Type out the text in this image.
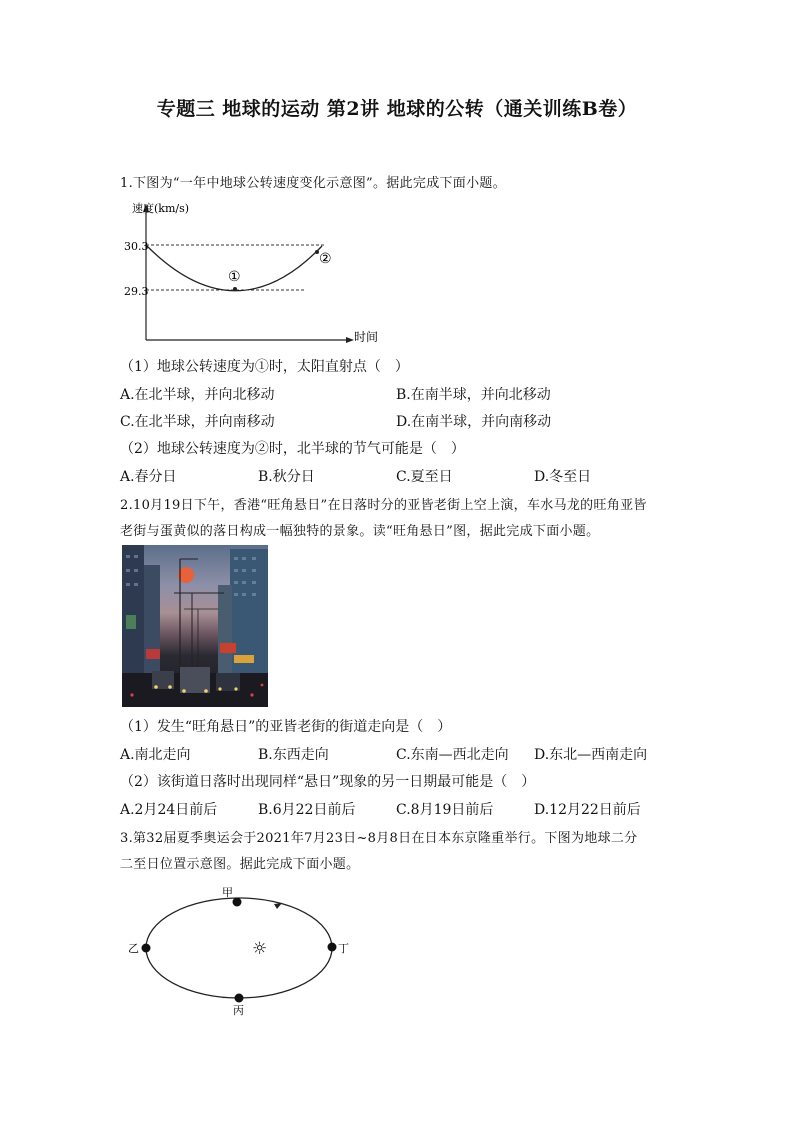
专题三 地球的运动 第2讲 地球的公转（通关训练B卷）
1.下图为“一年中地球公转速度变化示意图”。据此完成下面小题。
速度(km/s)
时间
30.3
29.3
①
②
（1）地球公转速度为①时，太阳直射点（　）
A.在北半球，并向北移动	B.在南半球，并向北移动
C.在北半球，并向南移动	D.在南半球，并向南移动
（2）地球公转速度为②时，北半球的节气可能是（　）
A.春分日	B.秋分日	C.夏至日	D.冬至日
2.10月19日下午，香港“旺角悬日”在日落时分的亚皆老街上空上演，车水马龙的旺角亚皆
老街与蛋黄似的落日构成一幅独特的景象。读“旺角悬日”图，据此完成下面小题。
（1）发生“旺角悬日”的亚皆老街的街道走向是（　）
A.南北走向	B.东西走向	C.东南—西北走向 D.东北—西南走向
（2）该街道日落时出现同样“悬日”现象的另一日期最可能是（　）
A.2月24日前后	B.6月22日前后	C.8月19日前后	D.12月22日前后
3.第32届夏季奥运会于2021年7月23日~8月8日在日本东京隆重举行。下图为地球二分
二至日位置示意图。据此完成下面小题。
甲
乙
丙
丁
☼
